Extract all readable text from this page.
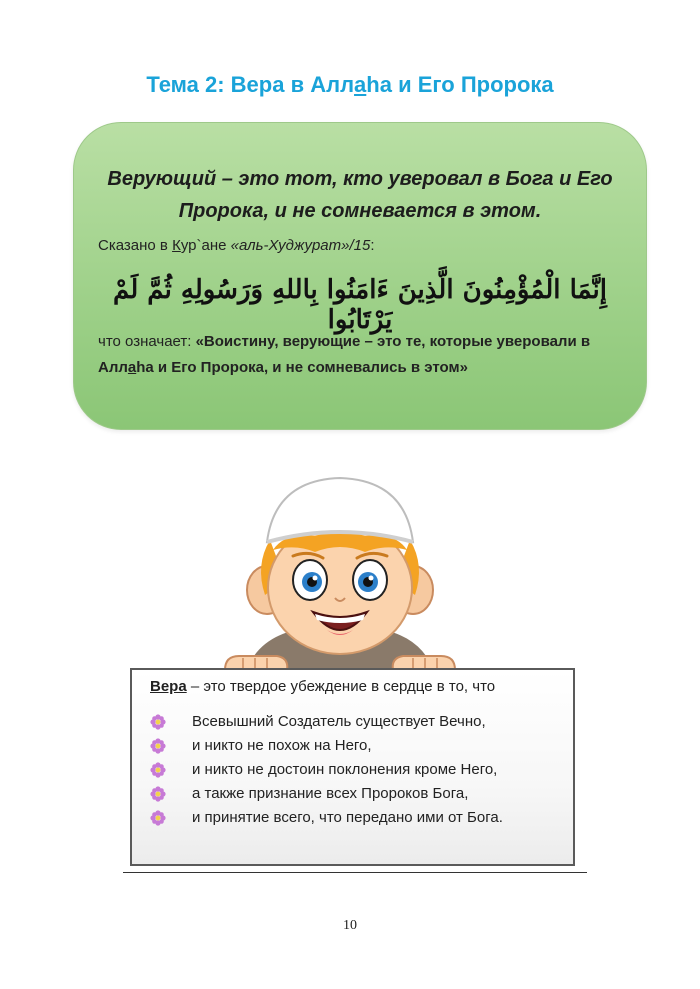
Тема 2: Вера в Аллаhа и Его Пророка
Верующий – это тот, кто уверовал в Бога и Его Пророка, и не сомневается в этом.
Сказано в Кур`ане «аль-Худжурат»/15:
إِنَّمَا الْمُؤْمِنُونَ الَّذِينَ ءَامَنُوا بِاللهِ وَرَسُولِهِ ثُمَّ لَمْ يَرْتَابُوا
что означает: «Воистину, верующие – это те, которые уверовали в Аллаhа и Его Пророка, и не сомневались в этом»
Вера – это твердое убеждение в сердце в то, что
Всевышний Создатель существует Вечно,
и никто не похож на Него,
и никто не достоин поклонения кроме Него,
а также признание всех Пророков Бога,
и принятие всего, что передано ими от Бога.
10
